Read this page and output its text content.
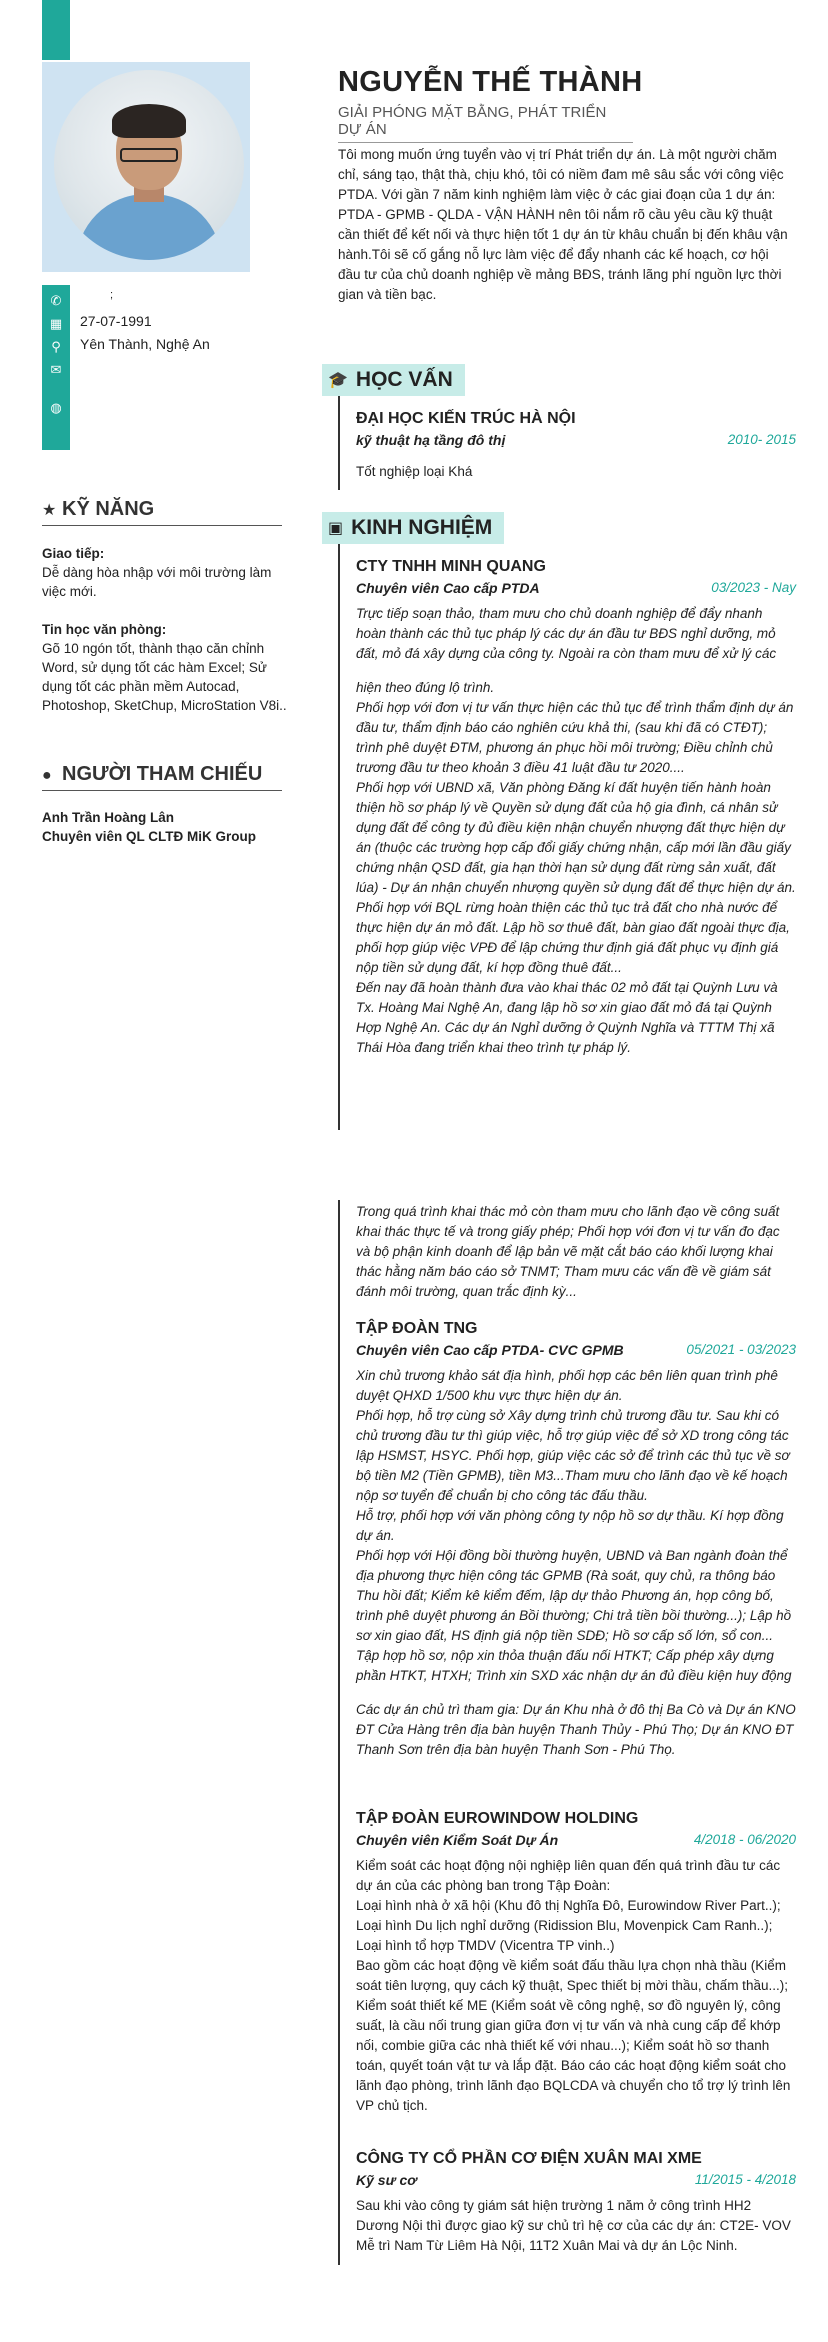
✆
▦
⚲
✉
◍
;
27-07-1991
Yên Thành, Nghệ An
★ KỸ NĂNG
Giao tiếp:
Dễ dàng hòa nhập với môi trường làm việc mới.
Tin học văn phòng:
Gõ 10 ngón tốt, thành thạo căn chỉnh Word, sử dụng tốt các hàm Excel; Sử dụng tốt các phần mềm Autocad, Photoshop, SketChup, MicroStation V8i..
● NGƯỜI THAM CHIẾU
Anh Trần Hoàng Lân
Chuyên viên QL CLTĐ MiK Group
NGUYỄN THẾ THÀNH
GIẢI PHÓNG MẶT BẰNG, PHÁT TRIỂN DỰ ÁN
Tôi mong muốn ứng tuyển vào vị trí Phát triển dự án. Là một người chăm chỉ, sáng tạo, thật thà, chịu khó, tôi có niềm đam mê sâu sắc với công việc PTDA. Với gần 7 năm kinh nghiệm làm việc ở các giai đoạn của 1 dự án: PTDA - GPMB - QLDA - VẬN HÀNH nên tôi nắm rõ cầu yêu cầu kỹ thuật cần thiết để kết nối và thực hiện tốt 1 dự án từ khâu chuẩn bị đến khâu vận hành.Tôi sẽ cố gắng nỗ lực làm việc để đẩy nhanh các kế hoạch, cơ hội đầu tư của chủ doanh nghiệp về mảng BĐS, tránh lãng phí nguồn lực thời gian và tiền bạc.
🎓 HỌC VẤN
ĐẠI HỌC KIẾN TRÚC HÀ NỘI
kỹ thuật hạ tầng đô thị	2010- 2015
Tốt nghiệp loại Khá
▣ KINH NGHIỆM
CTY TNHH MINH QUANG
Chuyên viên Cao cấp PTDA	03/2023 - Nay

Trực tiếp soạn thảo, tham mưu cho chủ doanh nghiệp để đẩy nhanh hoàn thành các thủ tục pháp lý các dự án đầu tư BĐS nghỉ dưỡng, mỏ đất, mỏ đá xây dựng của công ty. Ngoài ra còn tham mưu để xử lý các

hiện theo đúng lộ trình.

Phối hợp với đơn vị tư vấn thực hiện các thủ tục để trình thẩm định dự án đầu tư, thẩm định báo cáo nghiên cứu khả thi, (sau khi đã có CTĐT); trình phê duyệt ĐTM, phương án phục hồi môi trường; Điều chỉnh chủ trương đầu tư theo khoản 3 điều 41 luật đầu tư 2020....

Phối hợp với UBND xã, Văn phòng Đăng kí đất huyện tiến hành hoàn thiện hồ sơ pháp lý về Quyền sử dụng đất của hộ gia đình, cá nhân sử dụng đất để công ty đủ điều kiện nhận chuyển nhượng đất thực hiện dự án (thuộc các trường hợp cấp đổi giấy chứng nhận, cấp mới lần đầu giấy chứng nhận QSD đất, gia hạn thời hạn sử dụng đất rừng sản xuất, đất lúa) - Dự án nhận chuyển nhượng quyền sử dụng đất để thực hiện dự án.

Phối hợp với BQL rừng hoàn thiện các thủ tục trả đất cho nhà nước để thực hiện dự án mỏ đất. Lập hồ sơ thuê đất, bàn giao đất ngoài thực địa, phối hợp giúp việc VPĐ để lập chứng thư định giá đất phục vụ định giá nộp tiền sử dụng đất, kí hợp đồng thuê đất...

Đến nay đã hoàn thành đưa vào khai thác 02 mỏ đất tại Quỳnh Lưu và Tx. Hoàng Mai Nghệ An, đang lập hồ sơ xin giao đất mỏ đá tại Quỳnh Hợp Nghệ An. Các dự án Nghỉ dưỡng ở Quỳnh Nghĩa và TTTM Thị xã Thái Hòa đang triển khai theo trình tự pháp lý.

Trong quá trình khai thác mỏ còn tham mưu cho lãnh đạo về công suất khai thác thực tế và trong giấy phép; Phối hợp với đơn vị tư vấn đo đạc và bộ phận kinh doanh để lập bản vẽ mặt cắt báo cáo khối lượng khai thác hằng năm báo cáo sở TNMT; Tham mưu các vấn đề về giám sát đánh môi trường, quan trắc định kỳ...
TẬP ĐOÀN TNG
Chuyên viên Cao cấp PTDA- CVC GPMB	05/2021 - 03/2023

Xin chủ trương khảo sát địa hình, phối hợp các bên liên quan trình phê duyệt QHXD 1/500 khu vực thực hiện dự án.

Phối hợp, hỗ trợ cùng sở Xây dựng trình chủ trương đầu tư. Sau khi có chủ trương đầu tư thì giúp việc, hỗ trợ giúp việc để sở XD trong công tác lập HSMST, HSYC. Phối hợp, giúp việc các sở để trình các thủ tục về sơ bộ tiền M2 (Tiền GPMB), tiền M3...Tham mưu cho lãnh đạo về kế hoạch nộp sơ tuyển để chuẩn bị cho công tác đấu thầu.

Hỗ trợ, phối hợp với văn phòng công ty nộp hồ sơ dự thầu. Kí hợp đồng dự án.

Phối hợp với Hội đồng bồi thường huyện, UBND và Ban ngành đoàn thể địa phương thực hiện công tác GPMB (Rà soát, quy chủ, ra thông báo Thu hồi đất; Kiểm kê kiểm đếm, lập dự thảo Phương án, họp công bố, trình phê duyệt phương án Bồi thường; Chi trả tiền bồi thường...); Lập hồ sơ xin giao đất, HS định giá nộp tiền SDĐ; Hồ sơ cấp số lớn, sổ con...

Tập hợp hồ sơ, nộp xin thỏa thuận đấu nối HTKT; Cấp phép xây dựng phần HTKT, HTXH; Trình xin SXD xác nhận dự án đủ điều kiện huy động

Các dự án chủ trì tham gia: Dự án Khu nhà ở đô thị Ba Cò và Dự án KNO ĐT Cửa Hàng trên địa bàn huyện Thanh Thủy - Phú Thọ; Dự án KNO ĐT Thanh Sơn trên địa bàn huyện Thanh Sơn - Phú Thọ.

TẬP ĐOÀN EUROWINDOW HOLDING
Chuyên viên Kiểm Soát Dự Án	4/2018 - 06/2020

Kiểm soát các hoạt động nội nghiệp liên quan đến quá trình đầu tư các dự án của các phòng ban trong Tập Đoàn:

Loại hình nhà ở xã hội (Khu đô thị Nghĩa Đô, Eurowindow River Part..);

Loại hình Du lịch nghỉ dưỡng (Ridission Blu, Movenpick Cam Ranh..);

Loại hình tổ hợp TMDV (Vicentra TP vinh..)

Bao gồm các hoạt động về kiểm soát đấu thầu lựa chọn nhà thầu (Kiểm soát tiên lượng, quy cách kỹ thuật, Spec thiết bị mời thầu, chấm thầu...); Kiểm soát thiết kế ME (Kiểm soát về công nghệ, sơ đồ nguyên lý, công suất, là cầu nối trung gian giữa đơn vị tư vấn và nhà cung cấp để khớp nối, combie giữa các nhà thiết kế với nhau...); Kiểm soát hồ sơ thanh toán, quyết toán vật tư và lắp đặt. Báo cáo các hoạt động kiểm soát cho lãnh đạo phòng, trình lãnh đạo BQLCDA và chuyển cho tổ trợ lý trình lên VP chủ tịch.

CÔNG TY CỔ PHẦN CƠ ĐIỆN XUÂN MAI XME
Kỹ sư cơ	11/2015 - 4/2018
Sau khi vào công ty giám sát hiện trường 1 năm ở công trình HH2 Dương Nội thì được giao kỹ sư chủ trì hệ cơ của các dự án: CT2E- VOV Mễ trì Nam Từ Liêm Hà Nội, 11T2 Xuân Mai và dự án Lộc Ninh.
